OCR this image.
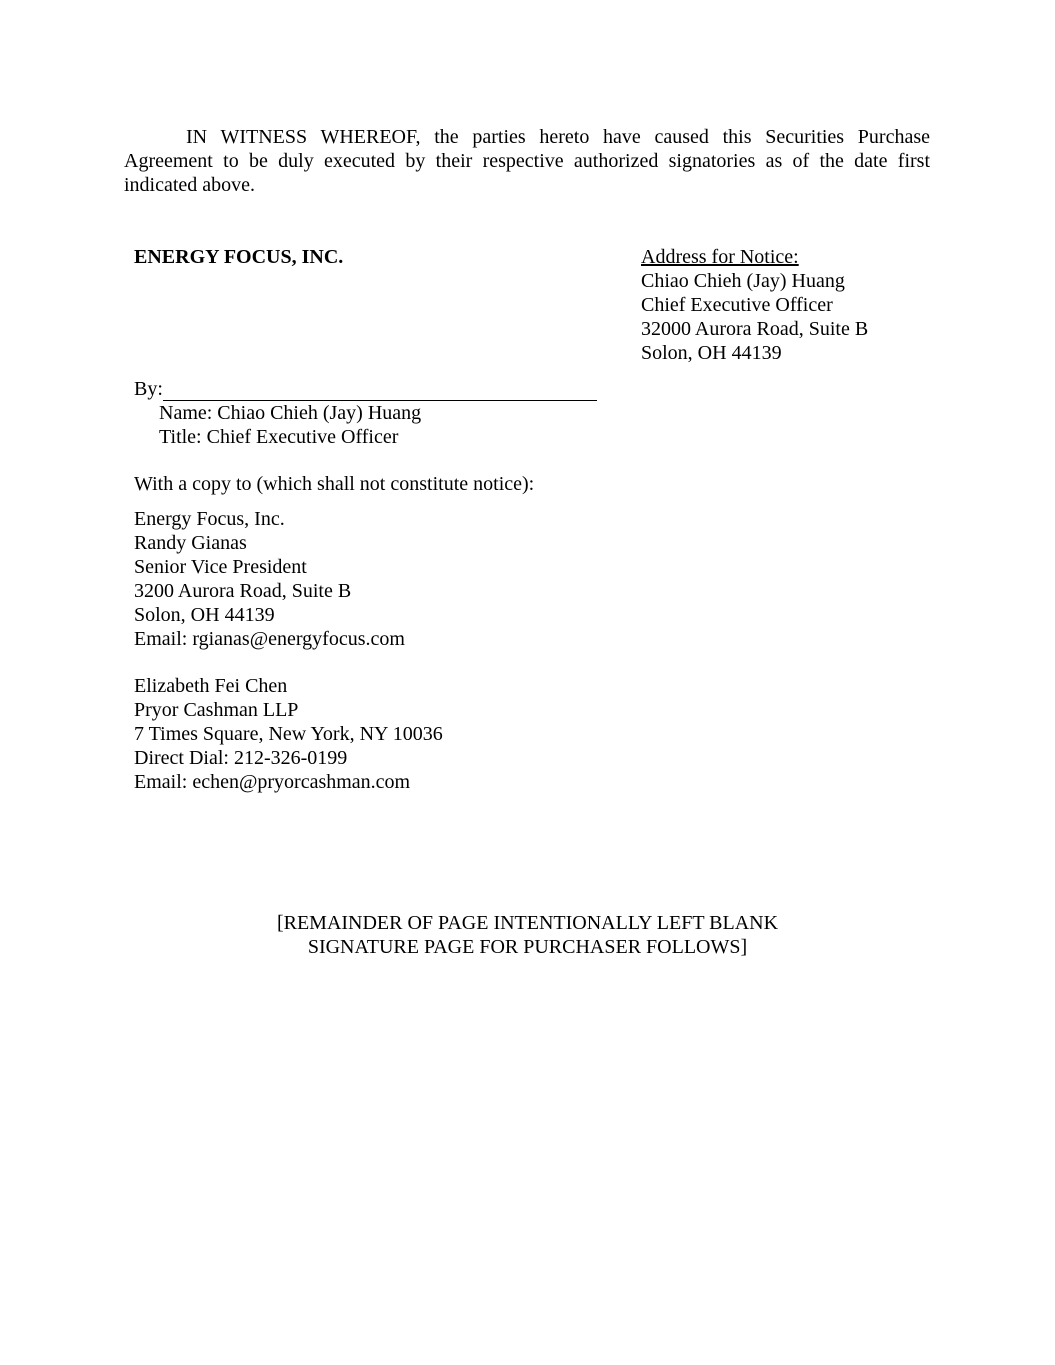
IN WITNESS WHEREOF, the parties hereto have caused this Securities Purchase Agreement to be duly executed by their respective authorized signatories as of the date first indicated above.

ENERGY FOCUS, INC.	Address for Notice:
Chiao Chieh (Jay) Huang
Chief Executive Officer
32000 Aurora Road, Suite B
Solon, OH 44139
By:
Name: Chiao Chieh (Jay) Huang
Title: Chief Executive Officer

With a copy to (which shall not constitute notice):

Energy Focus, Inc.
Randy Gianas
Senior Vice President
3200 Aurora Road, Suite B
Solon, OH 44139
Email: rgianas@energyfocus.com
Elizabeth Fei Chen
Pryor Cashman LLP
7 Times Square, New York, NY 10036
Direct Dial: 212-326-0199
Email: echen@pryorcashman.com
[REMAINDER OF PAGE INTENTIONALLY LEFT BLANK
SIGNATURE PAGE FOR PURCHASER FOLLOWS]
